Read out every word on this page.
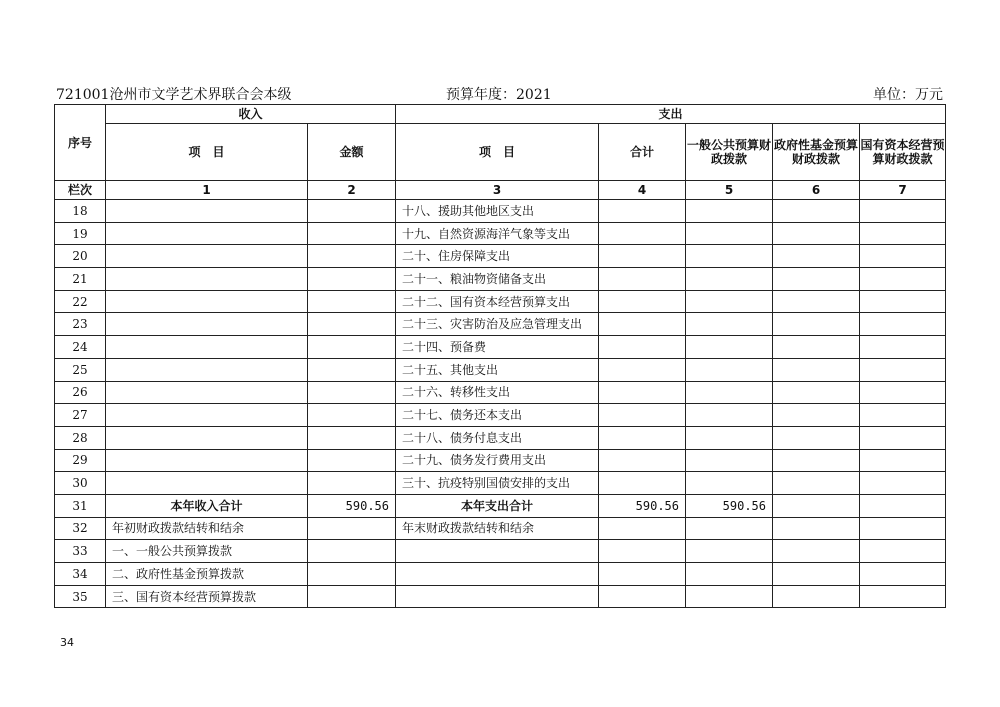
721001沧州市文学艺术界联合会本级	预算年度：2021	单位：万元
序号	收入		支出				
	项　目	金额	项　目	合计	一般公共预算财政拨款	政府性基金预算财政拨款	国有资本经营预算财政拨款
栏次	1	2	3	4	5	6	7
18			十八、援助其他地区支出				
19			十九、自然资源海洋气象等支出				
20			二十、住房保障支出				
21			二十一、粮油物资储备支出				
22			二十二、国有资本经营预算支出				
23			二十三、灾害防治及应急管理支出				
24			二十四、预备费				
25			二十五、其他支出				
26			二十六、转移性支出				
27			二十七、债务还本支出				
28			二十八、债务付息支出				
29			二十九、债务发行费用支出				
30			三十、抗疫特别国债安排的支出				
31	本年收入合计	590.56	本年支出合计	590.56	590.56		
32	年初财政拨款结转和结余		年末财政拨款结转和结余				
33	一、一般公共预算拨款						
34	二、政府性基金预算拨款						
35	三、国有资本经营预算拨款						
34
